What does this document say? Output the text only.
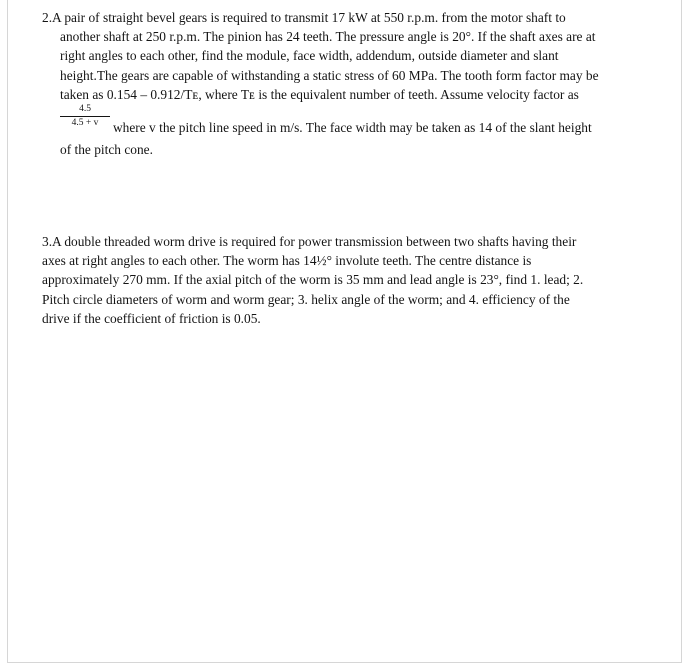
2.A pair of straight bevel gears is required to transmit 17 kW at 550 r.p.m. from the motor shaft to

another shaft at 250 r.p.m. The pinion has 24 teeth. The pressure angle is 20°. If the shaft axes are at

right angles to each other, find the module, face width, addendum, outside diameter and slant

height.The gears are capable of withstanding a static stress of 60 MPa. The tooth form factor may be

taken as 0.154 – 0.912/Tᴇ, where Tᴇ is the equivalent number of teeth. Assume velocity factor as

$\frac{4.5}{4.5 + v}$ where v the pitch line speed in m/s. The face width may be taken as 14 of the slant height

of the pitch cone.

3.A double threaded worm drive is required for power transmission between two shafts having their

axes at right angles to each other. The worm has 14½° involute teeth. The centre distance is

approximately 270 mm. If the axial pitch of the worm is 35 mm and lead angle is 23°, find 1. lead; 2.

Pitch circle diameters of worm and worm gear; 3. helix angle of the worm; and 4. efficiency of the

drive if the coefficient of friction is 0.05.
